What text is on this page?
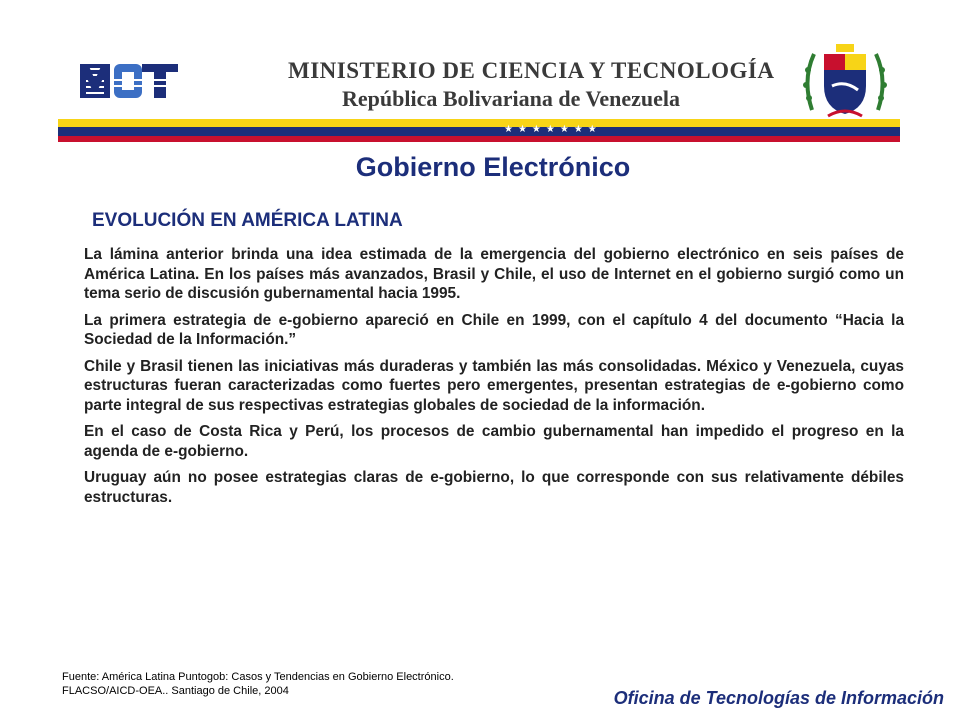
MINISTERIO DE CIENCIA Y TECNOLOGÍA
República Bolivariana de Venezuela
★★★★★★★
Gobierno Electrónico
EVOLUCIÓN EN AMÉRICA LATINA

La lámina anterior brinda una idea estimada de la emergencia del gobierno electrónico en seis países de América Latina. En los países más avanzados, Brasil y Chile, el uso de Internet en el gobierno surgió como un tema serio de discusión gubernamental hacia 1995.

La primera estrategia de e-gobierno apareció en Chile en 1999, con el capítulo 4 del documento “Hacia la Sociedad de la Información.”

Chile y Brasil tienen las iniciativas más duraderas y también las más consolidadas. México y Venezuela, cuyas estructuras fueran caracterizadas como fuertes pero emergentes, presentan estrategias de e-gobierno como parte integral de sus respectivas estrategias globales de sociedad de la información.

En el caso de Costa Rica y Perú, los procesos de cambio gubernamental han impedido el progreso en la agenda de e-gobierno.

Uruguay aún no posee estrategias claras de e-gobierno, lo que corresponde con sus relativamente débiles estructuras.

Fuente: América Latina Puntogob: Casos y Tendencias en Gobierno Electrónico.
FLACSO/AICD-OEA.. Santiago de Chile, 2004	Oficina de Tecnologías de Información
